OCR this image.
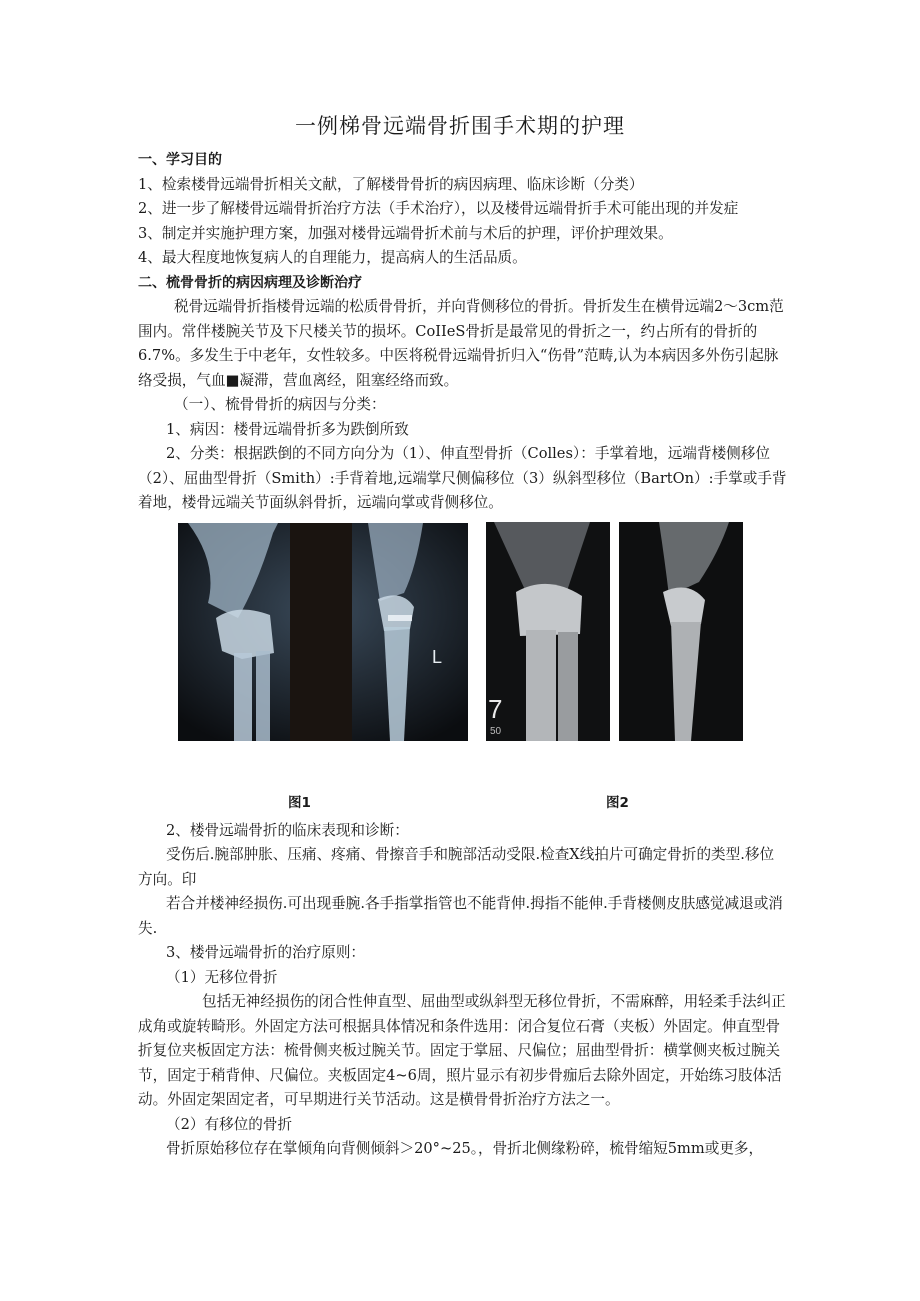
一例梯骨远端骨折围手术期的护理

一、学习目的

1、检索楼骨远端骨折相关文献，了解楼骨骨折的病因病理、临床诊断（分类）

2、进一步了解楼骨远端骨折治疗方法（手术治疗），以及楼骨远端骨折手术可能出现的并发症

3、制定并实施护理方案，加强对楼骨远端骨折术前与术后的护理，评价护理效果。

4、最大程度地恢复病人的自理能力，提高病人的生活品质。

二、梳骨骨折的病因病理及诊断治疗

税骨远端骨折指楼骨远端的松质骨骨折，并向背侧移位的骨折。骨折发生在横骨远端2～3cm范围内。常伴楼腕关节及下尺楼关节的损坏。CoIIeS骨折是最常见的骨折之一，约占所有的骨折的6.7%。多发生于中老年，女性较多。中医将税骨远端骨折归入“伤骨”范畴,认为本病因多外伤引起脉络受损，气血■凝滞，营血离经，阻塞经络而致。

（一）、梳骨骨折的病因与分类：

1、病因：楼骨远端骨折多为跌倒所致

2、分类：根据跌倒的不同方向分为（1）、伸直型骨折（Colles）：手掌着地，远端背楼侧移位（2）、屈曲型骨折（Smith）:手背着地,远端掌尺侧偏移位（3）纵斜型移位（BartOn）:手掌或手背着地，楼骨远端关节面纵斜骨折，远端向掌或背侧移位。

L
7
50
图1	图2

2、楼骨远端骨折的临床表现和诊断：

受伤后.腕部肿胀、压痛、疼痛、骨擦音手和腕部活动受限.检查X线拍片可确定骨折的类型.移位方向。印

若合并楼神经损伤.可出现垂腕.各手指掌指管也不能背伸.拇指不能伸.手背楼侧皮肤感觉减退或消失.

3、楼骨远端骨折的治疗原则：

（1）无移位骨折

包括无神经损伤的闭合性伸直型、屈曲型或纵斜型无移位骨折，不需麻醉，用轻柔手法纠正成角或旋转畸形。外固定方法可根据具体情况和条件选用：闭合复位石膏（夹板）外固定。伸直型骨折复位夹板固定方法：梳骨侧夹板过腕关节。固定于掌屈、尺偏位；屈曲型骨折：横掌侧夹板过腕关节，固定于稍背伸、尺偏位。夹板固定4~6周，照片显示有初步骨痂后去除外固定，开始练习肢体活动。外固定架固定者，可早期进行关节活动。这是横骨骨折治疗方法之一。

（2）有移位的骨折

骨折原始移位存在掌倾角向背侧倾斜＞20°~25。，骨折北侧缘粉碎，梳骨缩短5mm或更多，
